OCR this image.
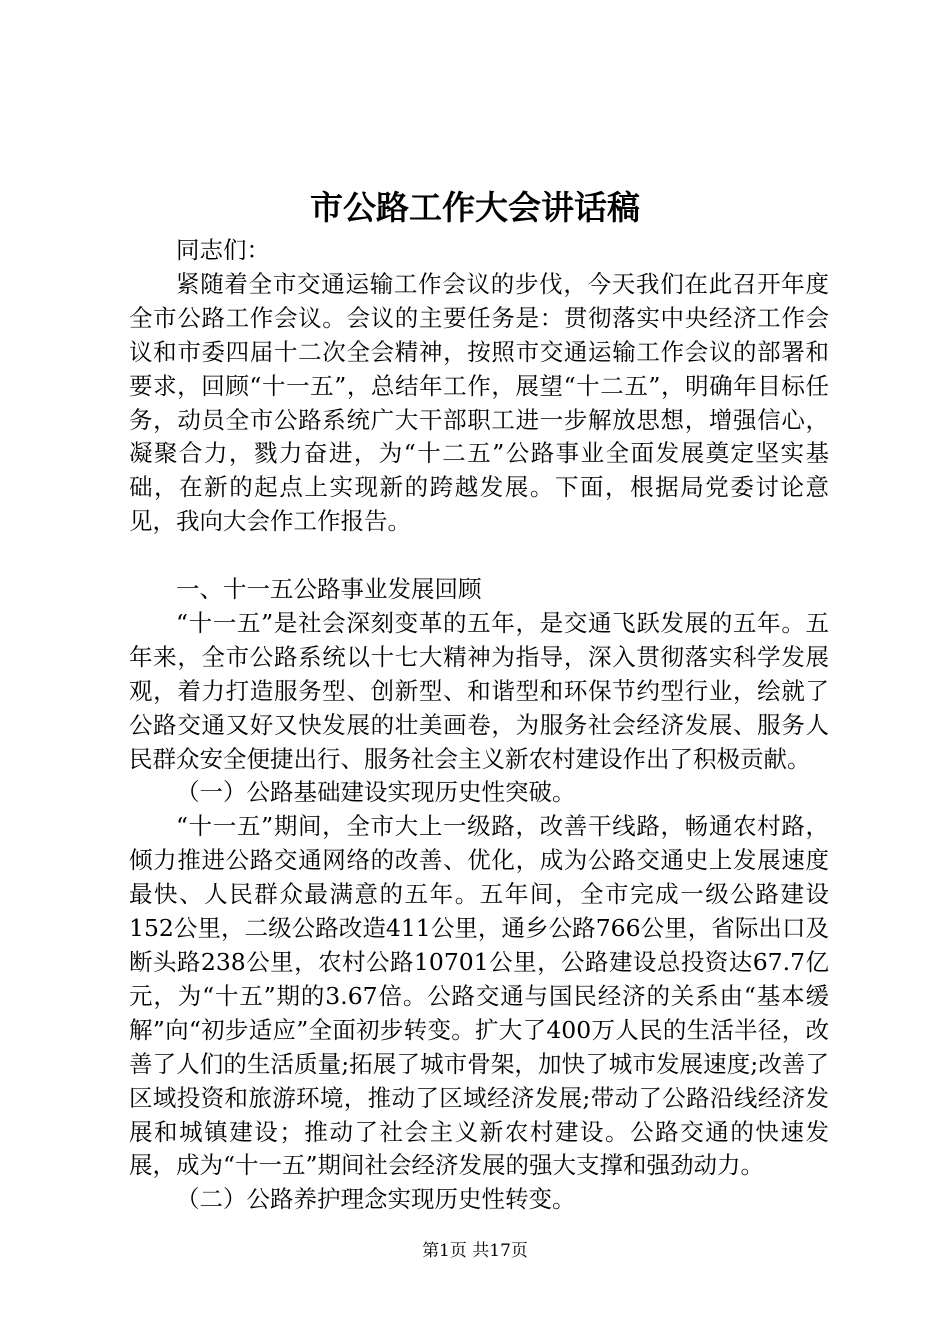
市公路工作大会讲话稿

同志们：

紧随着全市交通运输工作会议的步伐，今天我们在此召开年度全市公路工作会议。会议的主要任务是：贯彻落实中央经济工作会议和市委四届十二次全会精神，按照市交通运输工作会议的部署和要求，回顾“十一五”，总结年工作，展望“十二五”，明确年目标任务，动员全市公路系统广大干部职工进一步解放思想，增强信心，凝聚合力，戮力奋进，为“十二五”公路事业全面发展奠定坚实基础，在新的起点上实现新的跨越发展。下面，根据局党委讨论意见，我向大会作工作报告。

一、十一五公路事业发展回顾

“十一五”是社会深刻变革的五年，是交通飞跃发展的五年。五年来，全市公路系统以十七大精神为指导，深入贯彻落实科学发展观，着力打造服务型、创新型、和谐型和环保节约型行业，绘就了公路交通又好又快发展的壮美画卷，为服务社会经济发展、服务人民群众安全便捷出行、服务社会主义新农村建设作出了积极贡献。

（一）公路基础建设实现历史性突破。

“十一五”期间，全市大上一级路，改善干线路，畅通农村路，倾力推进公路交通网络的改善、优化，成为公路交通史上发展速度最快、人民群众最满意的五年。五年间，全市完成一级公路建设152公里，二级公路改造411公里，通乡公路766公里，省际出口及断头路238公里，农村公路10701公里，公路建设总投资达67.7亿元，为“十五”期的3.67倍。公路交通与国民经济的关系由“基本缓解”向“初步适应”全面初步转变。扩大了400万人民的生活半径，改善了人们的生活质量;拓展了城市骨架，加快了城市发展速度;改善了区域投资和旅游环境，推动了区域经济发展;带动了公路沿线经济发展和城镇建设；推动了社会主义新农村建设。公路交通的快速发展，成为“十一五”期间社会经济发展的强大支撑和强劲动力。

（二）公路养护理念实现历史性转变。

第1页 共17页
